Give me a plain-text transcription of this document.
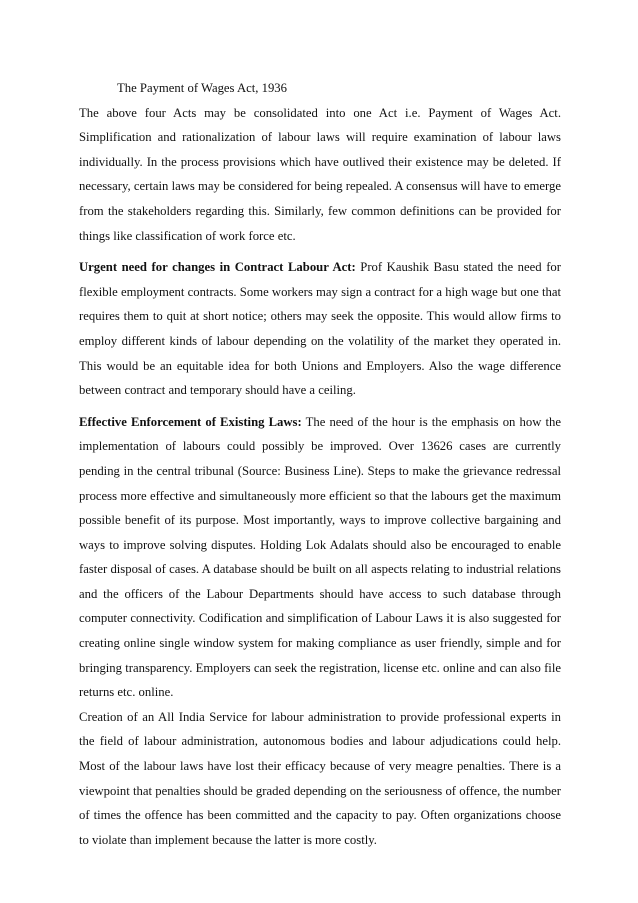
The Payment of Wages Act, 1936

The above four Acts may be consolidated into one Act i.e. Payment of Wages Act. Simplification and rationalization of labour laws will require examination of labour laws individually. In the process provisions which have outlived their existence may be deleted. If necessary, certain laws may be considered for being repealed. A consensus will have to emerge from the stakeholders regarding this. Similarly, few common definitions can be provided for things like classification of work force etc.

Urgent need for changes in Contract Labour Act: Prof Kaushik Basu stated the need for flexible employment contracts. Some workers may sign a contract for a high wage but one that requires them to quit at short notice; others may seek the opposite. This would allow firms to employ different kinds of labour depending on the volatility of the market they operated in. This would be an equitable idea for both Unions and Employers. Also the wage difference between contract and temporary should have a ceiling.

Effective Enforcement of Existing Laws: The need of the hour is the emphasis on how the implementation of labours could possibly be improved. Over 13626 cases are currently pending in the central tribunal (Source: Business Line). Steps to make the grievance redressal process more effective and simultaneously more efficient so that the labours get the maximum possible benefit of its purpose. Most importantly, ways to improve collective bargaining and ways to improve solving disputes. Holding Lok Adalats should also be encouraged to enable faster disposal of cases. A database should be built on all aspects relating to industrial relations and the officers of the Labour Departments should have access to such database through computer connectivity. Codification and simplification of Labour Laws it is also suggested for creating online single window system for making compliance as user friendly, simple and for bringing transparency. Employers can seek the registration, license etc. online and can also file returns etc. online.

Creation of an All India Service for labour administration to provide professional experts in the field of labour administration, autonomous bodies and labour adjudications could help. Most of the labour laws have lost their efficacy because of very meagre penalties. There is a viewpoint that penalties should be graded depending on the seriousness of offence, the number of times the offence has been committed and the capacity to pay. Often organizations choose to violate than implement because the latter is more costly.
